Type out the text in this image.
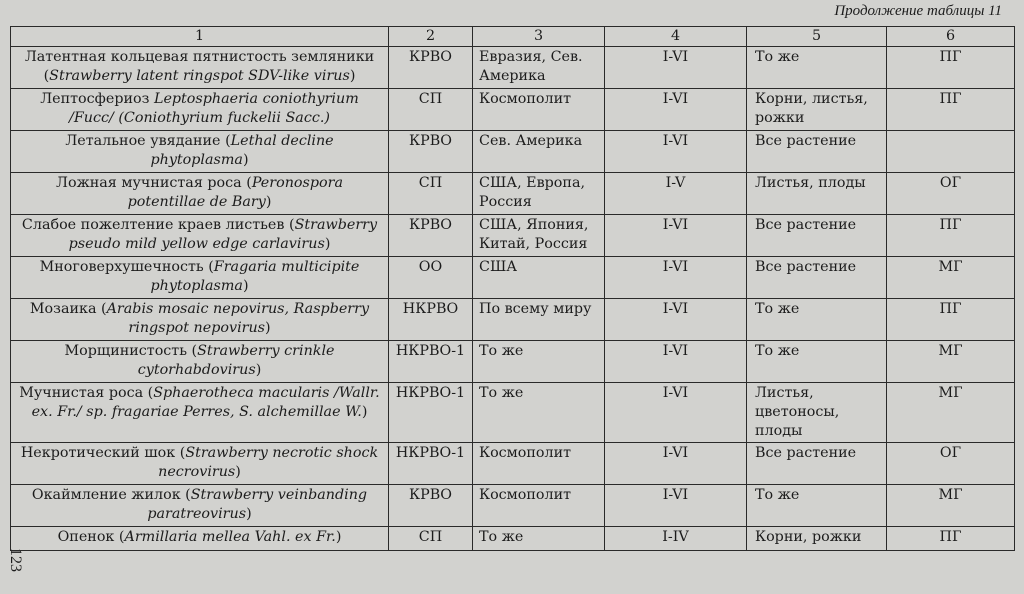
Продолжение таблицы 11
123
1	2	3	4	5	6
Латентная кольцевая пятнистость земляники (Strawberry latent ringspot SDV-like virus)	КРВО	Евразия, Сев. Америка	I-VI	То же	ПГ
Лептосфериоз Leptosphaeria coniothyrium /Fucс/ (Coniothyrium fuckelii Sacc.)	СП	Космополит	I-VI	Корни, листья, рожки	ПГ
Летальное увядание (Lethal decline phytoplasma)	КРВО	Сев. Америка	I-VI	Все растение	
Ложная мучнистая роса (Peronospora potentillae de Bary)	СП	США, Европа, Россия	I-V	Листья, плоды	ОГ
Слабое пожелтение краев листьев (Strawberry pseudo mild yellow edge carlavirus)	КРВО	США, Япония, Китай, Россия	I-VI	Все растение	ПГ
Многоверхушечность (Fragaria multicipite phytoplasma)	ОО	США	I-VI	Все растение	МГ
Мозаика (Arabis mosaic nepovirus, Raspberry ringspot nepovirus)	НКРВО	По всему миру	I-VI	То же	ПГ
Морщинистость (Strawberry crinkle cytorhabdovirus)	НКРВО-1	То же	I-VI	То же	МГ
Мучнистая роса (Sphaerotheca macularis /Wallr. ex. Fr./ sp. fragariae Perres, S. alchemillae W.)	НКРВО-1	То же	I-VI	Листья, цветоносы, плоды	МГ
Некротический шок (Strawberry necrotic shock necrovirus)	НКРВО-1	Космополит	I-VI	Все растение	ОГ
Окаймление жилок (Strawberry veinbanding paratreovirus)	КРВО	Космополит	I-VI	То же	МГ
Опенок (Armillaria mellea Vahl. ex Fr.)	СП	То же	I-IV	Корни, рожки	ПГ
